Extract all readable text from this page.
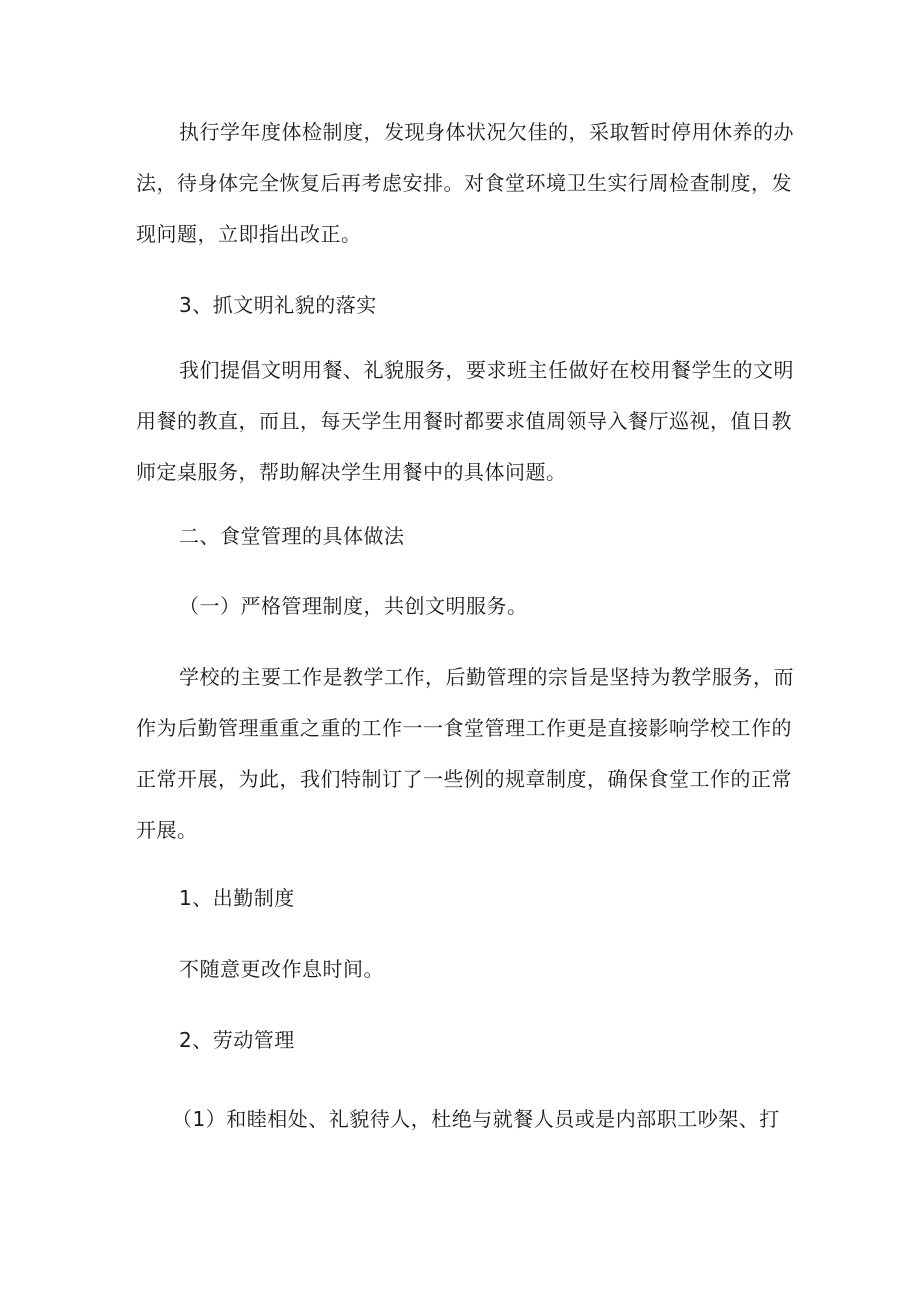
执行学年度体检制度，发现身体状况欠佳的，采取暂时停用休养的办
法，待身体完全恢复后再考虑安排。对食堂环境卫生实行周检查制度，发
现问题，立即指出改正。
3、抓文明礼貌的落实
我们提倡文明用餐、礼貌服务，要求班主任做好在校用餐学生的文明
用餐的教直，而且，每天学生用餐时都要求值周领导入餐厅巡视，值日教
师定桌服务，帮助解决学生用餐中的具体问题。
二、食堂管理的具体做法
（一）严格管理制度，共创文明服务。
学校的主要工作是教学工作，后勤管理的宗旨是坚持为教学服务，而
作为后勤管理重重之重的工作一一食堂管理工作更是直接影响学校工作的
正常开展，为此，我们特制订了一些例的规章制度，确保食堂工作的正常
开展。
1、出勤制度
不随意更改作息时间。
2、劳动管理
（1）和睦相处、礼貌待人，杜绝与就餐人员或是内部职工吵架、打
